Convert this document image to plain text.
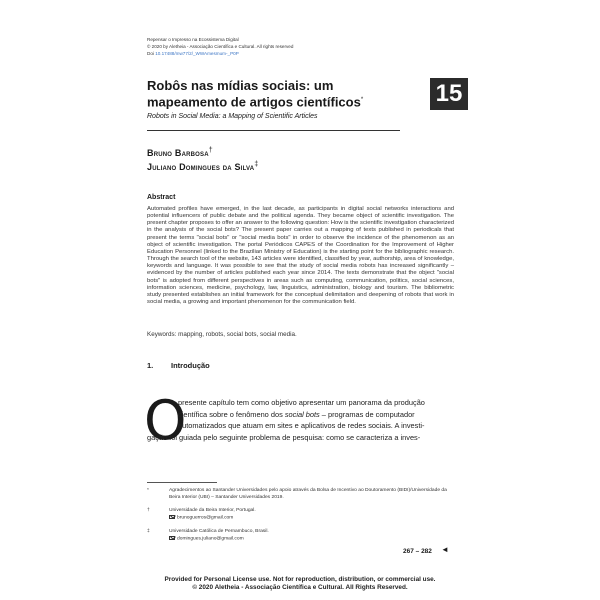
Repensar o Impresso na Ecossistema Digital
© 2020 by Aletheia - Associação Científica e Cultural. All rights reserved
Doi 10.17488/mw77/2/_WWAmesmum-_P0P
15
Robôs nas mídias sociais: um mapeamento de artigos científicos*
Robots in Social Media: a Mapping of Scientific Articles
Bruno Barbosa†
Juliano Domingues da Silva‡
Abstract

Automated profiles have emerged, in the last decade, as participants in digital social networks interactions and potential influencers of public debate and the political agenda. They became object of scientific investigation. The present chapter proposes to offer an answer to the following question: How is the scientific investigation characterized in the analysis of the social bots? The present paper carries out a mapping of texts published in periodicals that present the terms "social bots" or "social media bots" in order to observe the incidence of the phenomenon as an object of scientific investigation. The portal Periódicos CAPES of the Coordination for the Improvement of Higher Education Personnel (linked to the Brazilian Ministry of Education) is the starting point for the bibliographic research. Through the search tool of the website, 143 articles were identified, classified by year, authorship, area of knowledge, keywords and language. It was possible to see that the study of social media robots has increased significantly – evidenced by the number of articles published each year since 2014. The texts demonstrate that the object "social bots" is adopted from different perspectives in areas such as computing, communication, politics, social sciences, information sciences, medicine, psychology, law, linguistics, administration, biology and tourism. The bibliometric study presented establishes an initial framework for the conceptual delimitation and deepening of robots that work in social media, a growing and important phenomenon for the communication field.

Keywords: mapping, robots, social bots, social media.
1. Introdução
O
presente capítulo tem como objetivo apresentar um panorama da produção
científica sobre o fenômeno dos social bots – programas de computador
automatizados que atuam em sites e aplicativos de redes sociais. A investi-
gação foi guiada pelo seguinte problema de pesquisa: como se caracteriza a inves-
*	Agradecimentos ao Santander Universidades pelo apoio através da Bolsa de Incentivo ao Doutoramento (BIDI)/Universidade da Beira Interior (UBI) – Santander Universidades 2019.
†	Universidade da Beira Interior, Portugal.
brunoguerros@gmail.com
‡	Universidade Católica de Pernambuco, Brasil.
domingues.juliano@gmail.com
267 – 282 ◄
Provided for Personal License use. Not for reproduction, distribution, or commercial use.
© 2020 Aletheia - Associação Científica e Cultural. All Rights Reserved.
